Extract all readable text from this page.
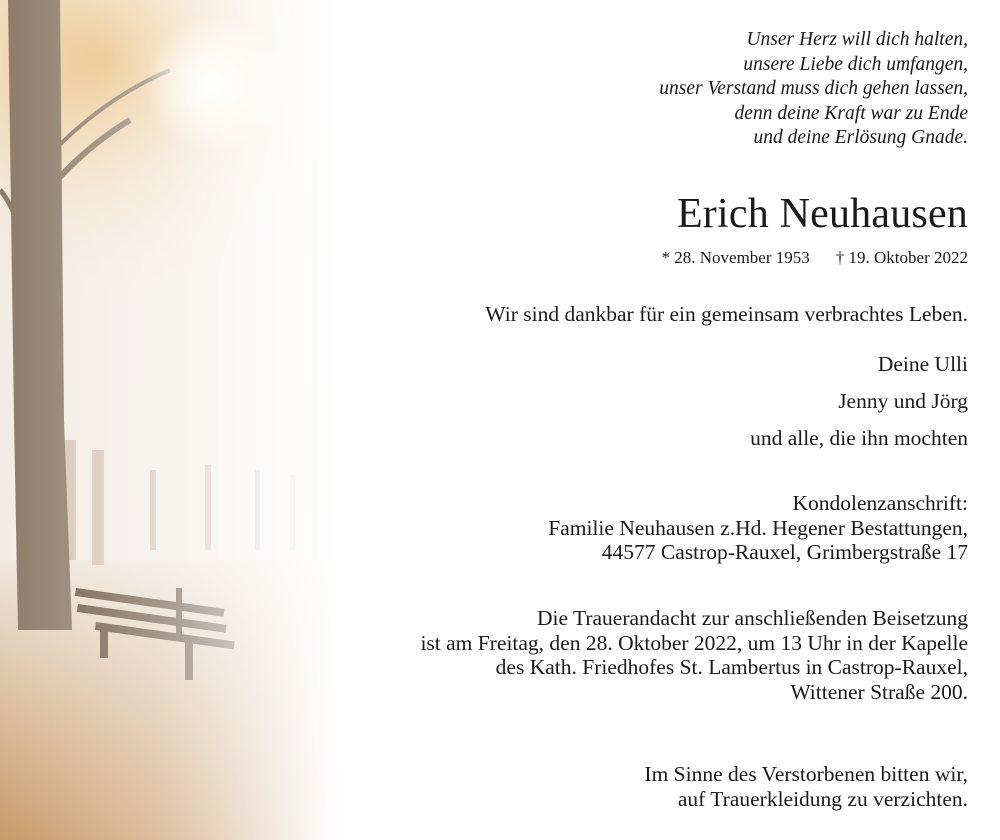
Unser Herz will dich halten,
unsere Liebe dich umfangen,
unser Verstand muss dich gehen lassen,
denn deine Kraft war zu Ende
und deine Erlösung Gnade.
Erich Neuhausen
* 28. November 1953 † 19. Oktober 2022
Wir sind dankbar für ein gemeinsam verbrachtes Leben.
Deine Ulli
Jenny und Jörg
und alle, die ihn mochten
Kondolenzanschrift:
Familie Neuhausen z.Hd. Hegener Bestattungen,
44577 Castrop-Rauxel, Grimbergstraße 17
Die Trauerandacht zur anschließenden Beisetzung
ist am Freitag, den 28. Oktober 2022, um 13 Uhr in der Kapelle
des Kath. Friedhofes St. Lambertus in Castrop-Rauxel,
Wittener Straße 200.
Im Sinne des Verstorbenen bitten wir,
auf Trauerkleidung zu verzichten.
